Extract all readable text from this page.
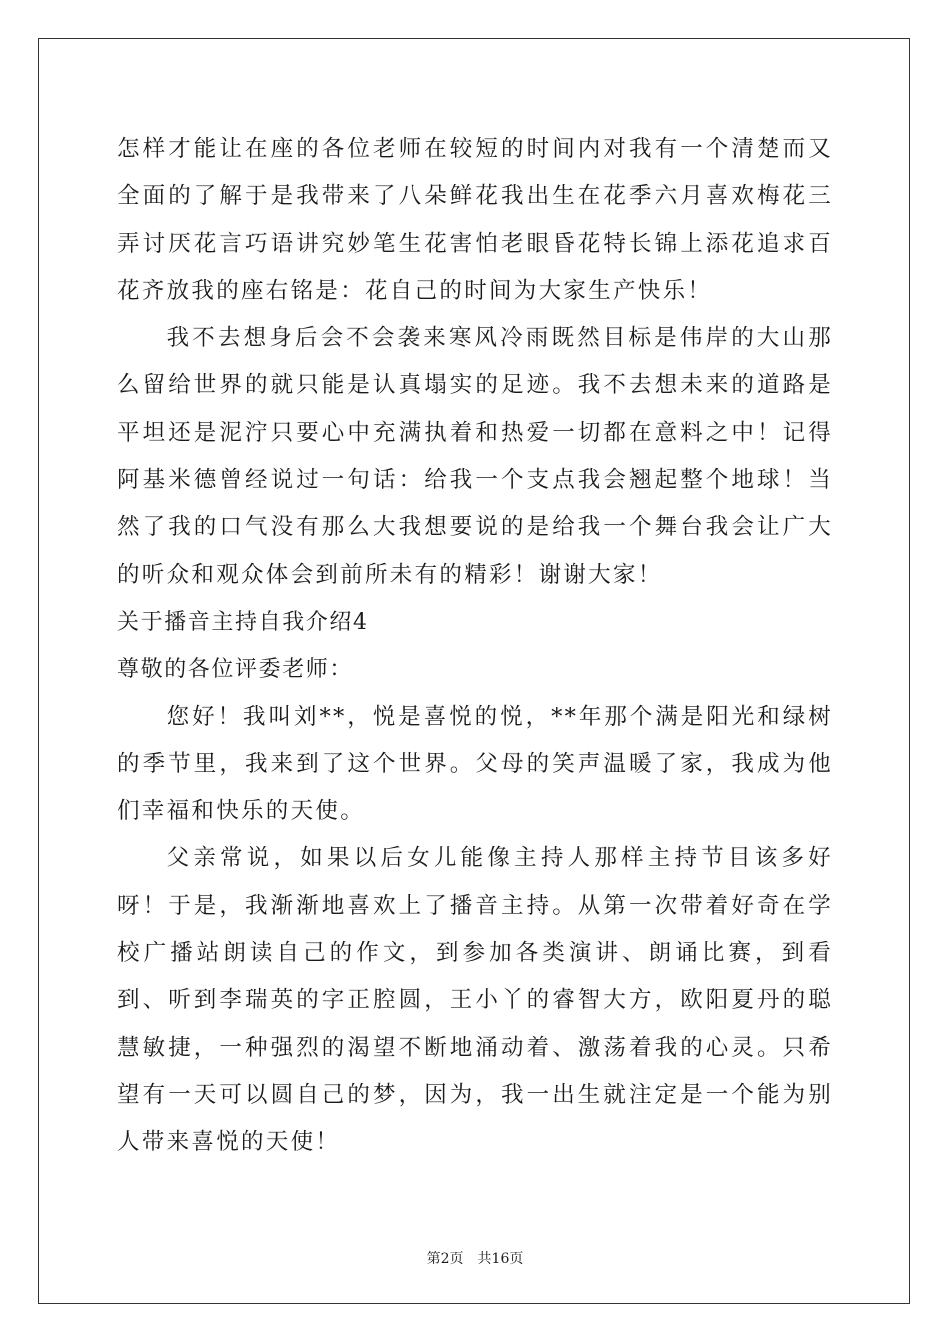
怎样才能让在座的各位老师在较短的时间内对我有一个清楚而又全面的了解于是我带来了八朵鲜花我出生在花季六月喜欢梅花三弄讨厌花言巧语讲究妙笔生花害怕老眼昏花特长锦上添花追求百花齐放我的座右铭是：花自己的时间为大家生产快乐！

我不去想身后会不会袭来寒风冷雨既然目标是伟岸的大山那么留给世界的就只能是认真塌实的足迹。我不去想未来的道路是平坦还是泥泞只要心中充满执着和热爱一切都在意料之中！记得阿基米德曾经说过一句话：给我一个支点我会翘起整个地球！当然了我的口气没有那么大我想要说的是给我一个舞台我会让广大的听众和观众体会到前所未有的精彩！谢谢大家！

关于播音主持自我介绍4

尊敬的各位评委老师：

您好！我叫刘**，悦是喜悦的悦，**年那个满是阳光和绿树的季节里，我来到了这个世界。父母的笑声温暖了家，我成为他们幸福和快乐的天使。

父亲常说，如果以后女儿能像主持人那样主持节目该多好呀！于是，我渐渐地喜欢上了播音主持。从第一次带着好奇在学校广播站朗读自己的作文，到参加各类演讲、朗诵比赛，到看到、听到李瑞英的字正腔圆，王小丫的睿智大方，欧阳夏丹的聪慧敏捷，一种强烈的渴望不断地涌动着、激荡着我的心灵。只希望有一天可以圆自己的梦，因为，我一出生就注定是一个能为别人带来喜悦的天使！

第2页 共16页
